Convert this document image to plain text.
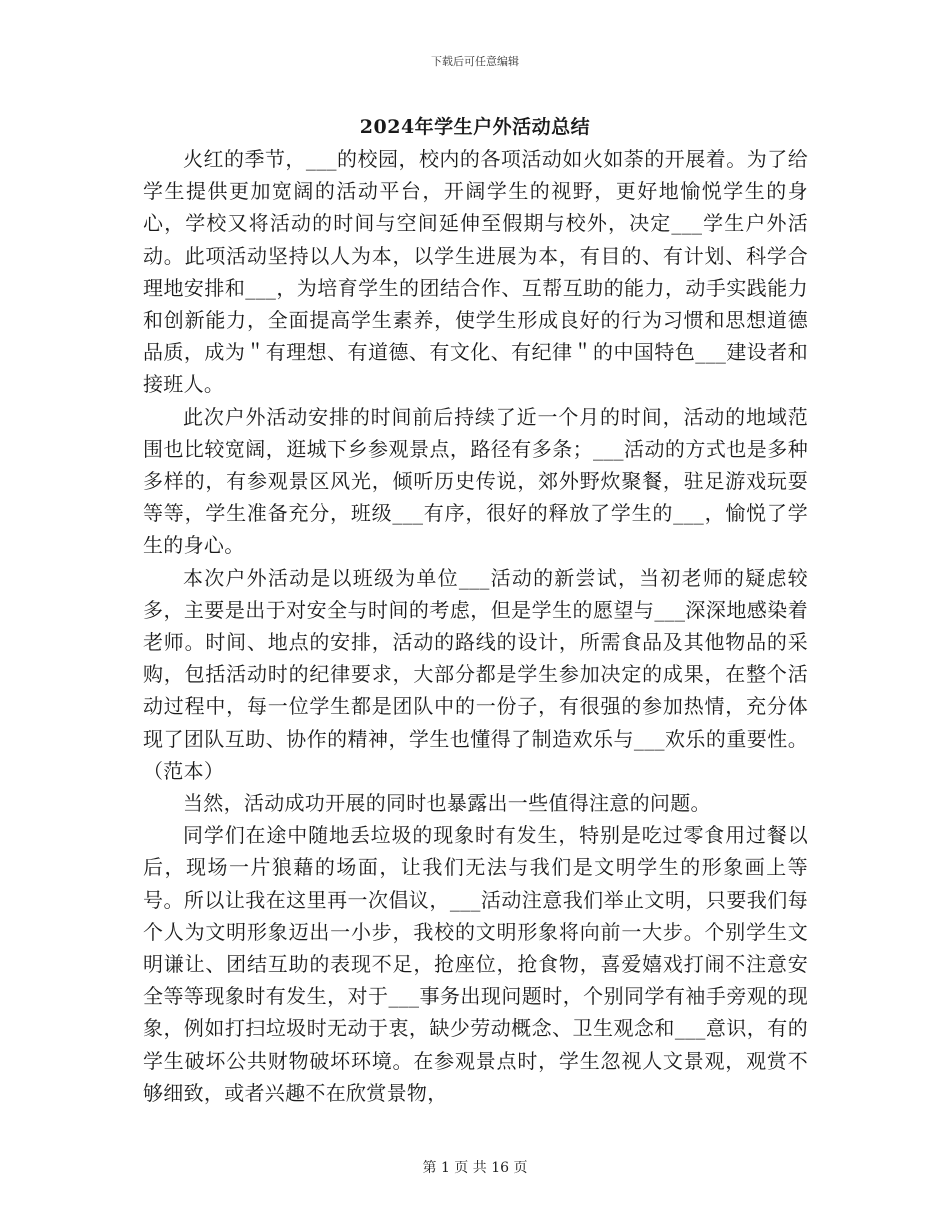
下载后可任意编辑
2024年学生户外活动总结

火红的季节，___的校园，校内的各项活动如火如荼的开展着。为了给学生提供更加宽阔的活动平台，开阔学生的视野，更好地愉悦学生的身心，学校又将活动的时间与空间延伸至假期与校外，决定___学生户外活动。此项活动坚持以人为本，以学生进展为本，有目的、有计划、科学合理地安排和___，为培育学生的团结合作、互帮互助的能力，动手实践能力和创新能力，全面提高学生素养，使学生形成良好的行为习惯和思想道德品质，成为＂有理想、有道德、有文化、有纪律＂的中国特色___建设者和接班人。

此次户外活动安排的时间前后持续了近一个月的时间，活动的地域范围也比较宽阔，逛城下乡参观景点，路径有多条；___活动的方式也是多种多样的，有参观景区风光，倾听历史传说，郊外野炊聚餐，驻足游戏玩耍等等，学生准备充分，班级___有序，很好的释放了学生的___，愉悦了学生的身心。

本次户外活动是以班级为单位___活动的新尝试，当初老师的疑虑较多，主要是出于对安全与时间的考虑，但是学生的愿望与___深深地感染着老师。时间、地点的安排，活动的路线的设计，所需食品及其他物品的采购，包括活动时的纪律要求，大部分都是学生参加决定的成果，在整个活动过程中，每一位学生都是团队中的一份子，有很强的参加热情，充分体现了团队互助、协作的精神，学生也懂得了制造欢乐与___欢乐的重要性。（范本）

当然，活动成功开展的同时也暴露出一些值得注意的问题。

同学们在途中随地丢垃圾的现象时有发生，特别是吃过零食用过餐以后，现场一片狼藉的场面，让我们无法与我们是文明学生的形象画上等号。所以让我在这里再一次倡议，___活动注意我们举止文明，只要我们每个人为文明形象迈出一小步，我校的文明形象将向前一大步。个别学生文明谦让、团结互助的表现不足，抢座位，抢食物，喜爱嬉戏打闹不注意安全等等现象时有发生，对于___事务出现问题时，个别同学有袖手旁观的现象，例如打扫垃圾时无动于衷，缺少劳动概念、卫生观念和___意识，有的学生破坏公共财物破坏环境。在参观景点时，学生忽视人文景观，观赏不够细致，或者兴趣不在欣赏景物，

第 1 页 共 16 页
